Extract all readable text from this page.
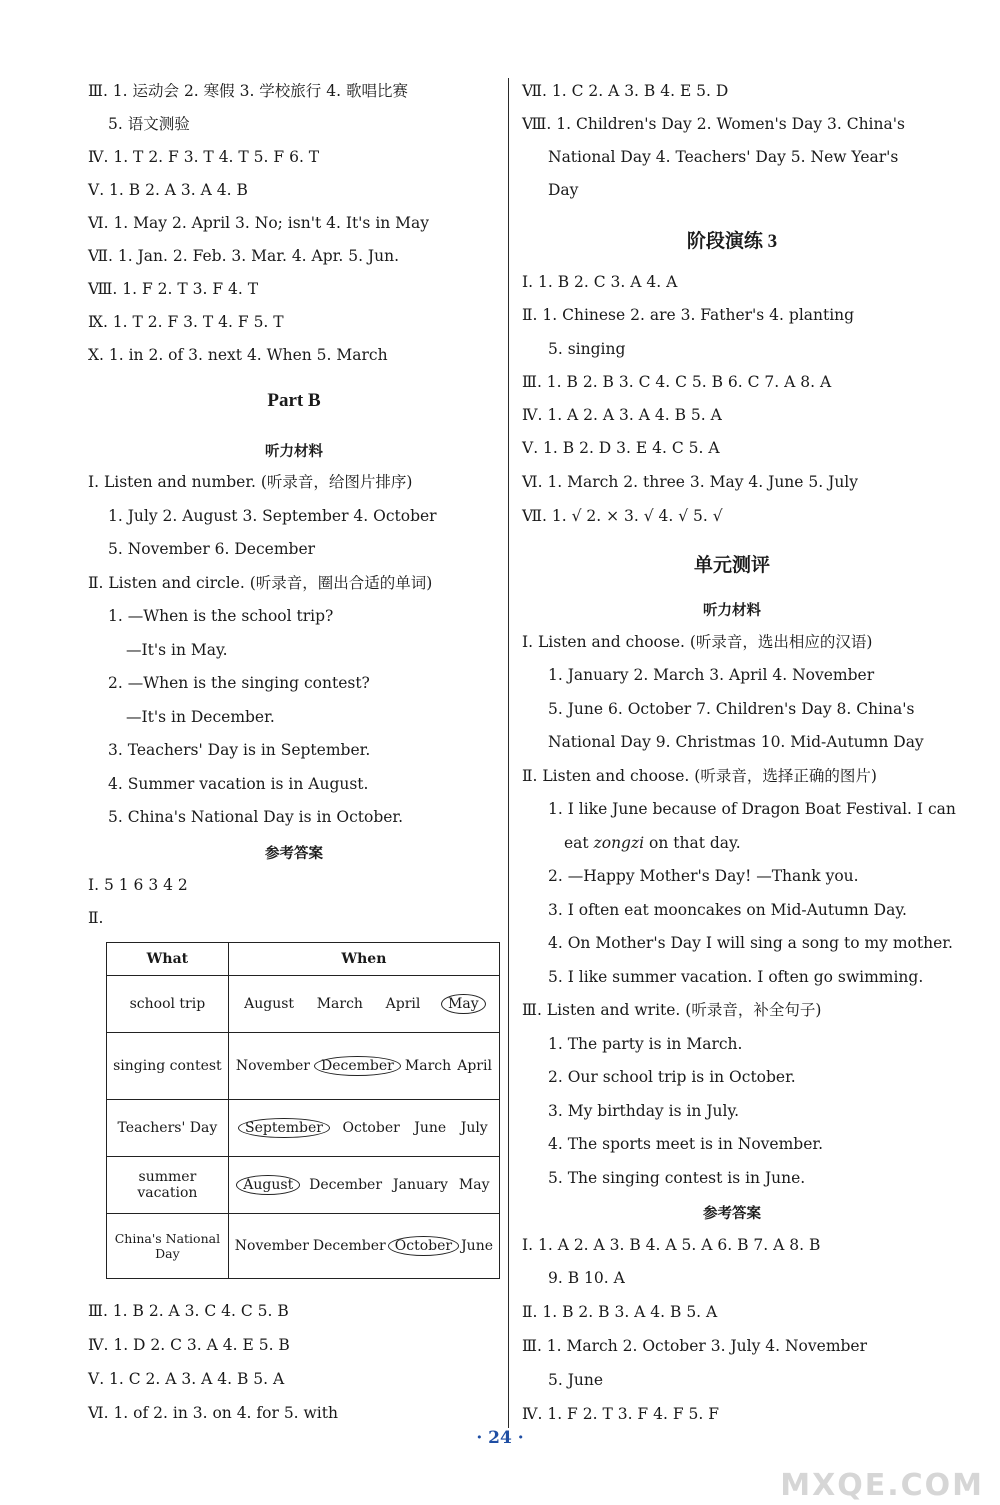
Ⅲ. 1. 运动会 2. 寒假 3. 学校旅行 4. 歌唱比赛
5. 语文测验
Ⅳ. 1. T 2. F 3. T 4. T 5. F 6. T
Ⅴ. 1. B 2. A 3. A 4. B
Ⅵ. 1. May 2. April 3. No; isn't 4. It's in May
Ⅶ. 1. Jan. 2. Feb. 3. Mar. 4. Apr. 5. Jun.
Ⅷ. 1. F 2. T 3. F 4. T
Ⅸ. 1. T 2. F 3. T 4. F 5. T
Ⅹ. 1. in 2. of 3. next 4. When 5. March
Part B
听力材料
Ⅰ. Listen and number. (听录音，给图片排序)
1. July 2. August 3. September 4. October
5. November 6. December
Ⅱ. Listen and circle. (听录音，圈出合适的单词)
1. —When is the school trip?
—It's in May.
2. —When is the singing contest?
—It's in December.
3. Teachers' Day is in September.
4. Summer vacation is in August.
5. China's National Day is in October.
参考答案
Ⅰ. 5 1 6 3 4 2
Ⅱ.
Ⅲ. 1. B 2. A 3. C 4. C 5. B
Ⅳ. 1. D 2. C 3. A 4. E 5. B
Ⅴ. 1. C 2. A 3. A 4. B 5. A
Ⅵ. 1. of 2. in 3. on 4. for 5. with
What	When
school trip	August March April May

singing contest	November December March April

Teachers' Day	September October June July

summer vacation	August December January May

China's National Day	November December October June
Ⅶ. 1. C 2. A 3. B 4. E 5. D
Ⅷ. 1. Children's Day 2. Women's Day 3. China's
National Day 4. Teachers' Day 5. New Year's
Day
阶段演练 3
Ⅰ. 1. B 2. C 3. A 4. A
Ⅱ. 1. Chinese 2. are 3. Father's 4. planting
5. singing
Ⅲ. 1. B 2. B 3. C 4. C 5. B 6. C 7. A 8. A
Ⅳ. 1. A 2. A 3. A 4. B 5. A
Ⅴ. 1. B 2. D 3. E 4. C 5. A
Ⅵ. 1. March 2. three 3. May 4. June 5. July
Ⅶ. 1. √ 2. × 3. √ 4. √ 5. √
单元测评
听力材料
Ⅰ. Listen and choose. (听录音，选出相应的汉语)
1. January 2. March 3. April 4. November
5. June 6. October 7. Children's Day 8. China's
National Day 9. Christmas 10. Mid-Autumn Day
Ⅱ. Listen and choose. (听录音，选择正确的图片)
1. I like June because of Dragon Boat Festival. I can
eat zongzi on that day.
2. —Happy Mother's Day! —Thank you.
3. I often eat mooncakes on Mid-Autumn Day.
4. On Mother's Day I will sing a song to my mother.
5. I like summer vacation. I often go swimming.
Ⅲ. Listen and write. (听录音，补全句子)
1. The party is in March.
2. Our school trip is in October.
3. My birthday is in July.
4. The sports meet is in November.
5. The singing contest is in June.
参考答案
Ⅰ. 1. A 2. A 3. B 4. A 5. A 6. B 7. A 8. B
9. B 10. A
Ⅱ. 1. B 2. B 3. A 4. B 5. A
Ⅲ. 1. March 2. October 3. July 4. November
5. June
Ⅳ. 1. F 2. T 3. F 4. F 5. F
· 24 ·
MXQE.COM
